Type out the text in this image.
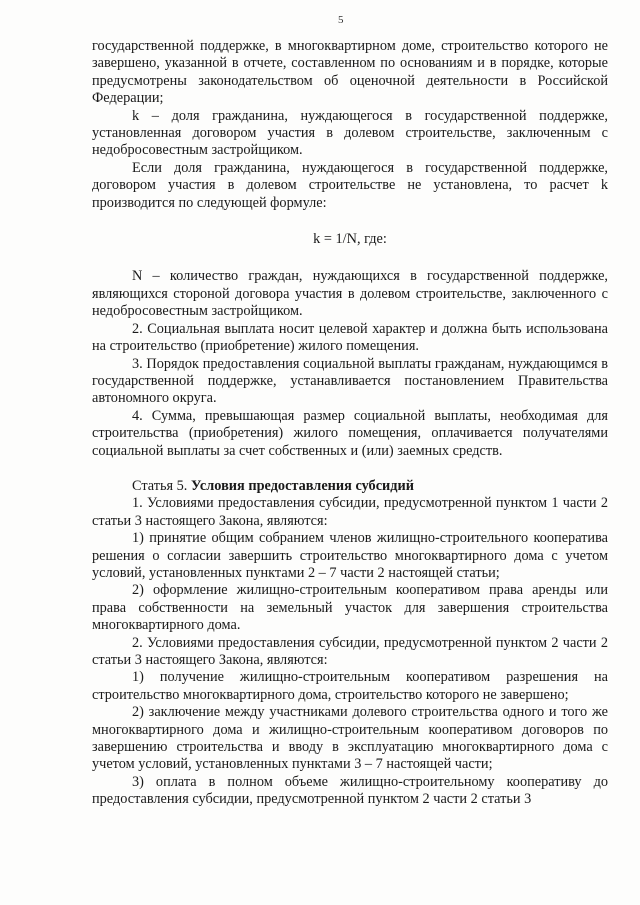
5

государственной поддержке, в многоквартирном доме, строительство которого не завершено, указанной в отчете, составленном по основаниям и в порядке, которые предусмотрены законодательством об оценочной деятельности в Российской Федерации;

k – доля гражданина, нуждающегося в государственной поддержке, установленная договором участия в долевом строительстве, заключенным с недобросовестным застройщиком.

Если доля гражданина, нуждающегося в государственной поддержке, договором участия в долевом строительстве не установлена, то расчет k производится по следующей формуле:

k = 1/N, где:

N – количество граждан, нуждающихся в государственной поддержке, являющихся стороной договора участия в долевом строительстве, заключенного с недобросовестным застройщиком.

2. Социальная выплата носит целевой характер и должна быть использована на строительство (приобретение) жилого помещения.

3. Порядок предоставления социальной выплаты гражданам, нуждающимся в государственной поддержке, устанавливается постановлением Правительства автономного округа.

4. Сумма, превышающая размер социальной выплаты, необходимая для строительства (приобретения) жилого помещения, оплачивается получателями социальной выплаты за счет собственных и (или) заемных средств.

Статья 5. Условия предоставления субсидий

1. Условиями предоставления субсидии, предусмотренной пунктом 1 части 2 статьи 3 настоящего Закона, являются:

1) принятие общим собранием членов жилищно-строительного кооператива решения о согласии завершить строительство многоквартирного дома с учетом условий, установленных пунктами 2 – 7 части 2 настоящей статьи;

2) оформление жилищно-строительным кооперативом права аренды или права собственности на земельный участок для завершения строительства многоквартирного дома.

2. Условиями предоставления субсидии, предусмотренной пунктом 2 части 2 статьи 3 настоящего Закона, являются:

1) получение жилищно-строительным кооперативом разрешения на строительство многоквартирного дома, строительство которого не завершено;

2) заключение между участниками долевого строительства одного и того же многоквартирного дома и жилищно-строительным кооперативом договоров по завершению строительства и вводу в эксплуатацию многоквартирного дома с учетом условий, установленных пунктами 3 – 7 настоящей части;

3) оплата в полном объеме жилищно-строительному кооперативу до предоставления субсидии, предусмотренной пунктом 2 части 2 статьи 3
